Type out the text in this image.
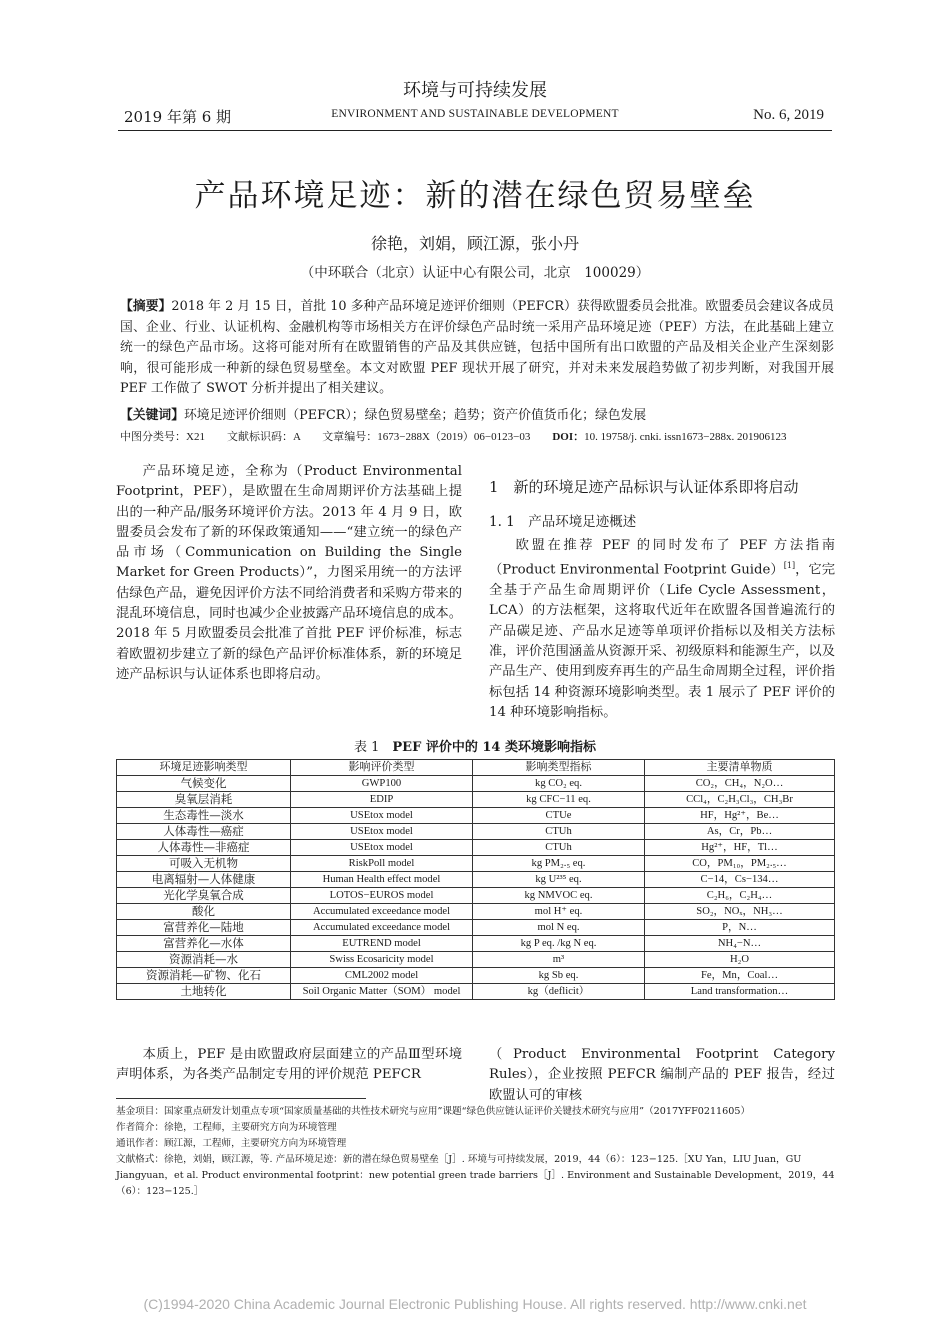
环境与可持续发展
2019 年第 6 期	ENVIRONMENT AND SUSTAINABLE DEVELOPMENT	No. 6, 2019
产品环境足迹：新的潜在绿色贸易壁垒
徐艳，刘娟，顾江源，张小丹
（中环联合（北京）认证中心有限公司，北京　100029）
【摘要】2018 年 2 月 15 日，首批 10 多种产品环境足迹评价细则（PEFCR）获得欧盟委员会批准。欧盟委员会建议各成员国、企业、行业、认证机构、金融机构等市场相关方在评价绿色产品时统一采用产品环境足迹（PEF）方法，在此基础上建立统一的绿色产品市场。这将可能对所有在欧盟销售的产品及其供应链，包括中国所有出口欧盟的产品及相关企业产生深刻影响，很可能形成一种新的绿色贸易壁垒。本文对欧盟 PEF 现状开展了研究，并对未来发展趋势做了初步判断，对我国开展 PEF 工作做了 SWOT 分析并提出了相关建议。
【关键词】环境足迹评价细则（PEFCR）；绿色贸易壁垒；趋势；资产价值货币化；绿色发展
中图分类号：X21　　文献标识码：A　　文章编号：1673−288X（2019）06−0123−03　　DOI：10. 19758/j. cnki. issn1673−288x. 201906123
产品环境足迹，全称为（Product Environmental Footprint，PEF），是欧盟在生命周期评价方法基础上提出的一种产品/服务环境评价方法。2013 年 4 月 9 日，欧盟委员会发布了新的环保政策通知——“建立统一的绿色产品市场（Communication on Building the Single Market for Green Products）”，力图采用统一的方法评估绿色产品，避免因评价方法不同给消费者和采购方带来的混乱环境信息，同时也减少企业披露产品环境信息的成本。2018 年 5 月欧盟委员会批准了首批 PEF 评价标准，标志着欧盟初步建立了新的绿色产品评价标准体系，新的环境足迹产品标识与认证体系也即将启动。
1　新的环境足迹产品标识与认证体系即将启动
1. 1　产品环境足迹概述
欧盟在推荐 PEF 的同时发布了 PEF 方法指南（Product Environmental Footprint Guide）[1]，它完全基于产品生命周期评价（Life Cycle Assessment，LCA）的方法框架，这将取代近年在欧盟各国普遍流行的产品碳足迹、产品水足迹等单项评价指标以及相关方法标准，评价范围涵盖从资源开采、初级原料和能源生产，以及产品生产、使用到废弃再生的产品生命周期全过程，评价指标包括 14 种资源环境影响类型。表 1 展示了 PEF 评价的 14 种环境影响指标。
表 1　PEF 评价中的 14 类环境影响指标
环境足迹影响类型	影响评价类型	影响类型指标	主要清单物质
气候变化	GWP100	kg CO₂ eq.	CO₂，CH₄，N₂O…
臭氧层消耗	EDIP	kg CFC−11 eq.	CCl₄，C₂H₃Cl₃，CH₃Br
生态毒性—淡水	USEtox model	CTUe	HF，Hg²⁺，Be…
人体毒性—癌症	USEtox model	CTUh	As，Cr，Pb…
人体毒性—非癌症	USEtox model	CTUh	Hg²⁺，HF，Tl…
可吸入无机物	RiskPoll model	kg PM₂.₅ eq.	CO，PM₁₀，PM₂.₅…
电离辐射—人体健康	Human Health effect model	kg U²³⁵ eq.	C−14，Cs−134…
光化学臭氧合成	LOTOS−EUROS model	kg NMVOC eq.	C₂H₆，C₂H₄…
酸化	Accumulated exceedance model	mol H⁺ eq.	SO₂，NOₓ，NH₃…
富营养化—陆地	Accumulated exceedance model	mol N eq.	P，N…
富营养化—水体	EUTREND model	kg P eq. /kg N eq.	NH₄−N…
资源消耗—水	Swiss Ecosaricity model	m³	H₂O
资源消耗—矿物、化石	CML2002 model	kg Sb eq.	Fe，Mn，Coal…
土地转化	Soil Organic Matter（SOM） model	kg（deflicit）	Land transformation…
本质上，PEF 是由欧盟政府层面建立的产品Ⅲ型环境声明体系，为各类产品制定专用的评价规范 PEFCR
（Product Environmental Footprint Category Rules），企业按照 PEFCR 编制产品的 PEF 报告，经过欧盟认可的审核

基金项目：国家重点研发计划重点专项“国家质量基础的共性技术研究与应用”课题“绿色供应链认证评价关键技术研究与应用”（2017YFF0211605）

作者简介：徐艳，工程师，主要研究方向为环境管理

通讯作者：顾江源，工程师，主要研究方向为环境管理

文献格式：徐艳，刘娟，顾江源，等. 产品环境足迹：新的潜在绿色贸易壁垒［J］. 环境与可持续发展，2019，44（6）：123−125.［XU Yan，LIU Juan，GU Jiangyuan，et al. Product environmental footprint：new potential green trade barriers［J］. Environment and Sustainable Development，2019，44（6）：123−125.］

(C)1994-2020 China Academic Journal Electronic Publishing House. All rights reserved. http://www.cnki.net
